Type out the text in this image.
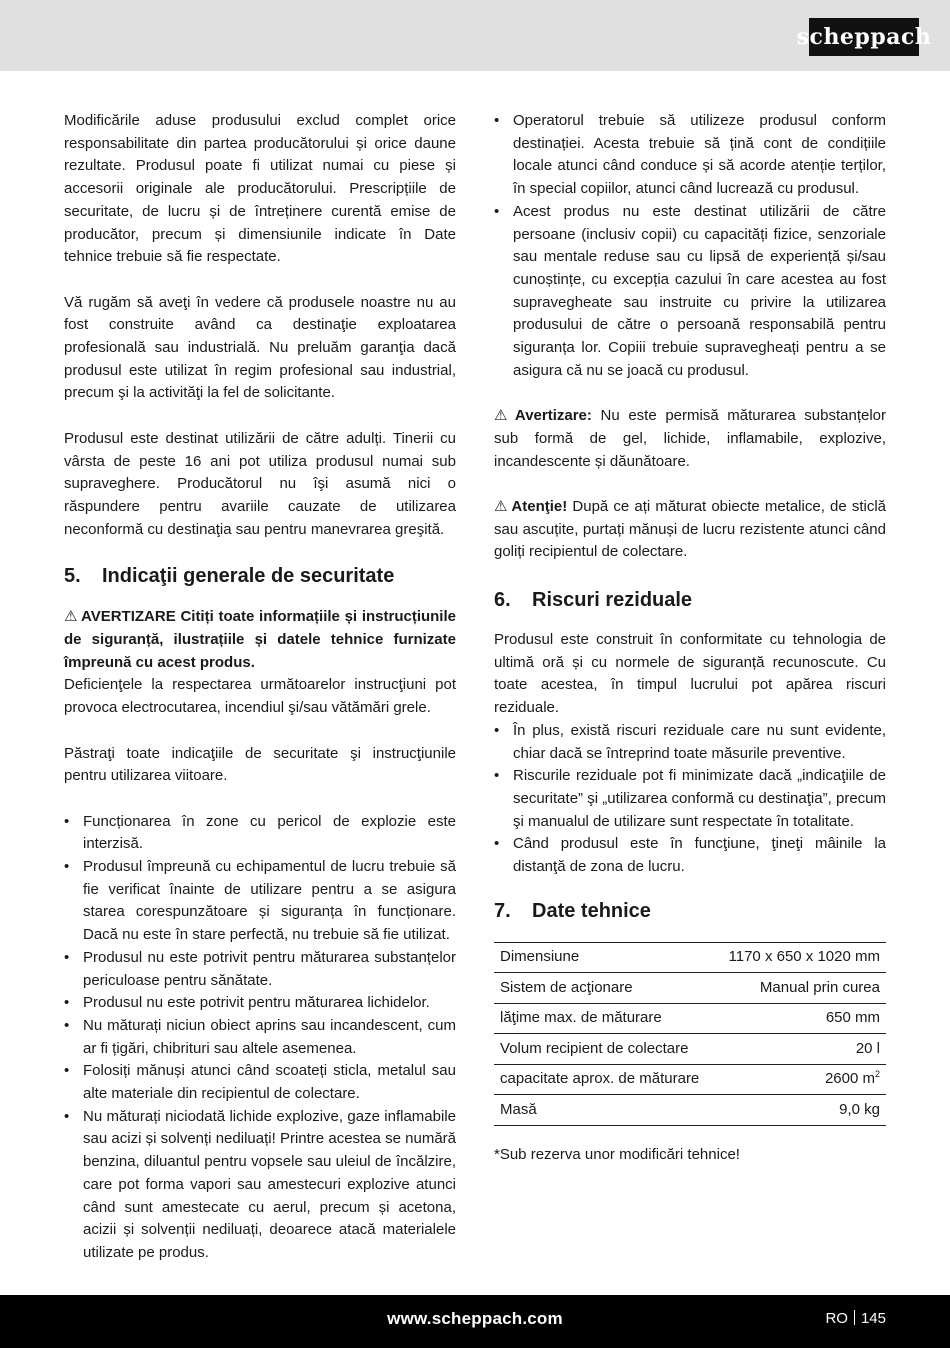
scheppach

Modificările aduse produsului exclud complet orice responsabilitate din partea producătorului și orice daune rezultate. Produsul poate fi utilizat numai cu piese și accesorii originale ale producătorului. Prescripțiile de securitate, de lucru și de întreținere curentă emise de producător, precum și dimensiunile indicate în Date tehnice trebuie să fie respectate.

Vă rugăm să aveţi în vedere că produsele noastre nu au fost construite având ca destinaţie exploatarea profesională sau industrială. Nu preluăm garanţia dacă produsul este utilizat în regim profesional sau industrial, precum şi la activităţi la fel de solicitante.

Produsul este destinat utilizării de către adulți. Tinerii cu vârsta de peste 16 ani pot utiliza produsul numai sub supraveghere. Producătorul nu îşi asumă nici o răspundere pentru avariile cauzate de utilizarea neconformă cu destinaţia sau pentru manevrarea greşită.

5.	Indicaţii generale de securitate

⚠ AVERTIZARE Citiți toate informațiile și instrucțiunile de siguranță, ilustrațiile și datele tehnice furnizate împreună cu acest produs.

Deficienţele la respectarea următoarelor instrucţiuni pot provoca electrocutarea, incendiul şi/sau vătămări grele.

Păstraţi toate indicaţiile de securitate şi instrucţiunile pentru utilizarea viitoare.

• Funcționarea în zone cu pericol de explozie este interzisă.
• Produsul împreună cu echipamentul de lucru trebuie să fie verificat înainte de utilizare pentru a se asigura starea corespunzătoare și siguranța în funcționare. Dacă nu este în stare perfectă, nu trebuie să fie utilizat.
• Produsul nu este potrivit pentru măturarea substanțelor periculoase pentru sănătate.
• Produsul nu este potrivit pentru măturarea lichidelor.
• Nu măturați niciun obiect aprins sau incandescent, cum ar fi țigări, chibrituri sau altele asemenea.
• Folosiți mănuși atunci când scoateți sticla, metalul sau alte materiale din recipientul de colectare.
• Nu măturați niciodată lichide explozive, gaze inflamabile sau acizi și solvenți nediluați! Printre acestea se numără benzina, diluantul pentru vopsele sau uleiul de încălzire, care pot forma vapori sau amestecuri explozive atunci când sunt amestecate cu aerul, precum și acetona, acizii și solvenții nediluați, deoarece atacă materialele utilizate pe produs.
• Operatorul trebuie să utilizeze produsul conform destinației. Acesta trebuie să țină cont de condițiile locale atunci când conduce și să acorde atenție terților, în special copiilor, atunci când lucrează cu produsul.
• Acest produs nu este destinat utilizării de către persoane (inclusiv copii) cu capacități fizice, senzoriale sau mentale reduse sau cu lipsă de experiență și/sau cunoștințe, cu excepția cazului în care acestea au fost supravegheate sau instruite cu privire la utilizarea produsului de către o persoană responsabilă pentru siguranța lor. Copiii trebuie supravegheați pentru a se asigura că nu se joacă cu produsul.

⚠ Avertizare: Nu este permisă măturarea substanțelor sub formă de gel, lichide, inflamabile, explozive, incandescente și dăunătoare.

⚠ Atenţie! După ce ați măturat obiecte metalice, de sticlă sau ascuțite, purtați mănuși de lucru rezistente atunci când goliți recipientul de colectare.

6.	Riscuri reziduale

Produsul este construit în conformitate cu tehnologia de ultimă oră și cu normele de siguranță recunoscute. Cu toate acestea, în timpul lucrului pot apărea riscuri reziduale.

• În plus, există riscuri reziduale care nu sunt evidente, chiar dacă se întreprind toate măsurile preventive.
• Riscurile reziduale pot fi minimizate dacă „indicaţiile de securitate” şi „utilizarea conformă cu destinaţia”, precum şi manualul de utilizare sunt respectate în totalitate.
• Când produsul este în funcţiune, ţineţi mâinile la distanţă de zona de lucru.
7.	Date tehnice
Dimensiune	1170 x 650 x 1020 mm
Sistem de acţionare	Manual prin curea
lăţime max. de măturare	650 mm
Volum recipient de colectare	20 l
capacitate aprox. de măturare	2600 $m^2$
Masă	9,0 kg

*Sub rezerva unor modificări tehnice!

www.scheppach.com	RO 145
